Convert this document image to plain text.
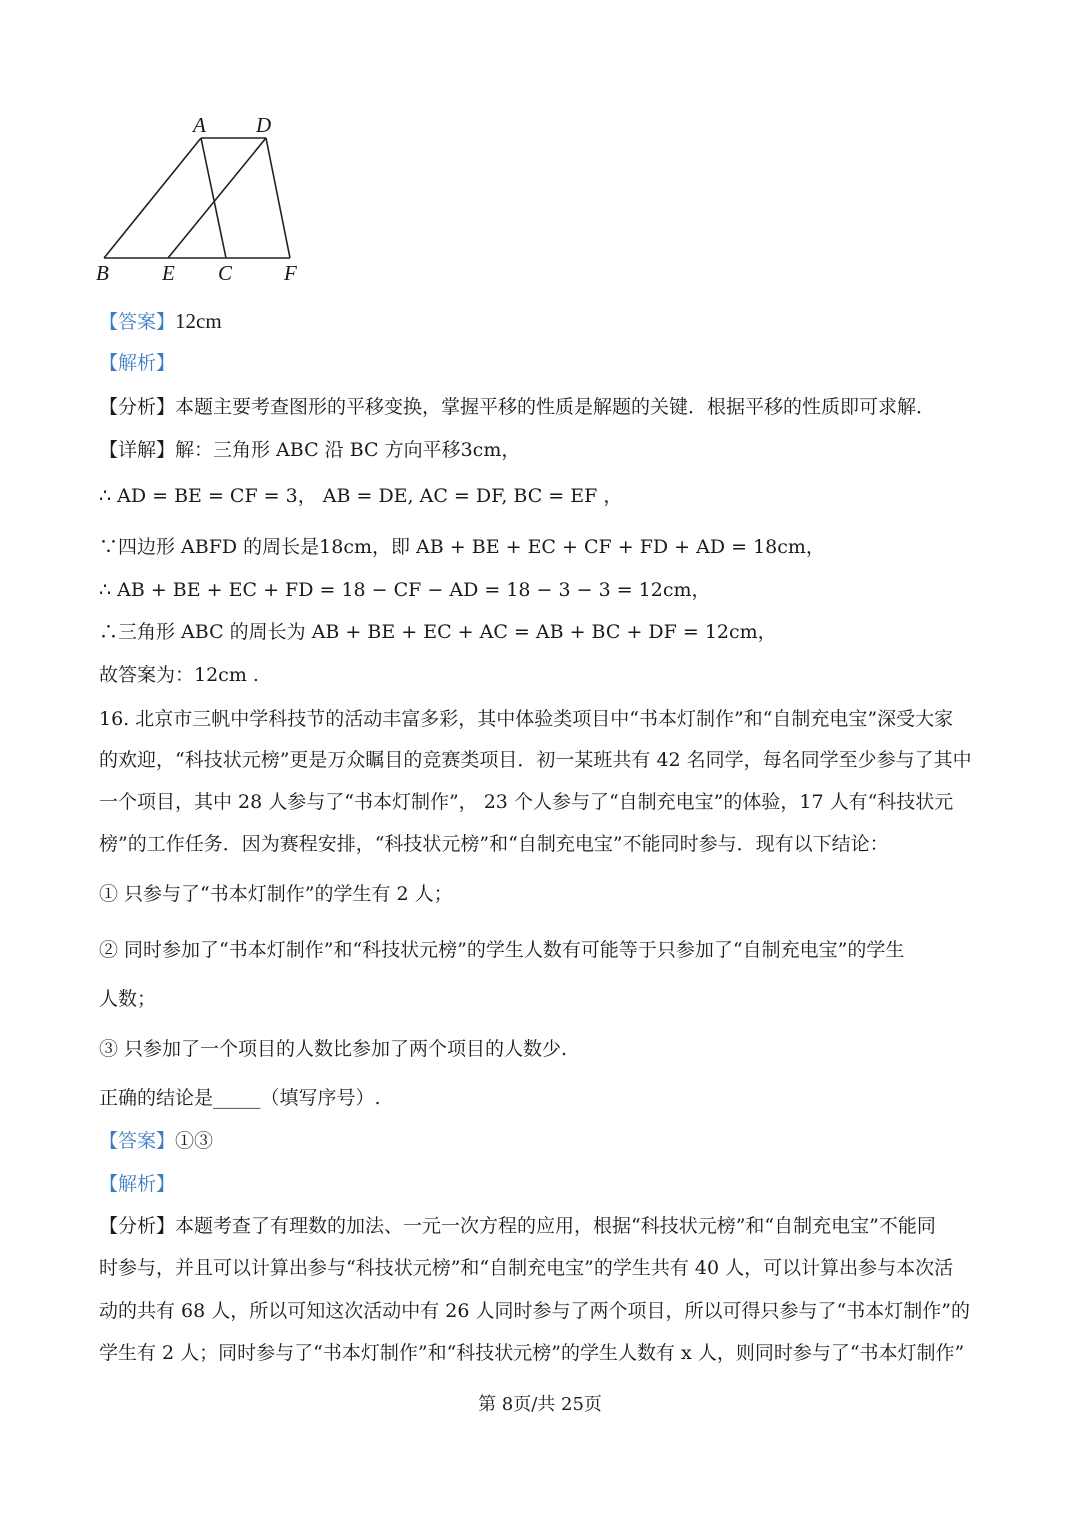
A D
B	E C F
【答案】12cm
【解析】
【分析】本题主要考查图形的平移变换，掌握平移的性质是解题的关键．根据平移的性质即可求解．
【详解】解：三角形 ABC 沿 BC 方向平移3cm，
∴ AD = BE = CF = 3， AB = DE, AC = DF, BC = EF ，
∵四边形 ABFD 的周长是18cm，即 AB + BE + EC + CF + FD + AD = 18cm，
∴ AB + BE + EC + FD = 18 − CF − AD = 18 − 3 − 3 = 12cm，
∴三角形 ABC 的周长为 AB + BE + EC + AC = AB + BC + DF = 12cm，
故答案为：12cm .
16. 北京市三帆中学科技节的活动丰富多彩，其中体验类项目中“书本灯制作”和“自制充电宝”深受大家
的欢迎，“科技状元榜”更是万众瞩目的竞赛类项目．初一某班共有 42 名同学，每名同学至少参与了其中
一个项目，其中 28 人参与了“书本灯制作”， 23 个人参与了“自制充电宝”的体验，17 人有“科技状元
榜”的工作任务．因为赛程安排，“科技状元榜”和“自制充电宝”不能同时参与．现有以下结论：
① 只参与了“书本灯制作”的学生有 2 人；
② 同时参加了“书本灯制作”和“科技状元榜”的学生人数有可能等于只参加了“自制充电宝”的学生
人数；
③ 只参加了一个项目的人数比参加了两个项目的人数少.
正确的结论是_____（填写序号）.
【答案】①③
【解析】
【分析】本题考查了有理数的加法、一元一次方程的应用，根据“科技状元榜”和“自制充电宝”不能同
时参与，并且可以计算出参与“科技状元榜”和“自制充电宝”的学生共有 40 人，可以计算出参与本次活
动的共有 68 人，所以可知这次活动中有 26 人同时参与了两个项目，所以可得只参与了“书本灯制作”的
学生有 2 人；同时参与了“书本灯制作”和“科技状元榜”的学生人数有 x 人，则同时参与了“书本灯制作”
第 8页/共 25页
